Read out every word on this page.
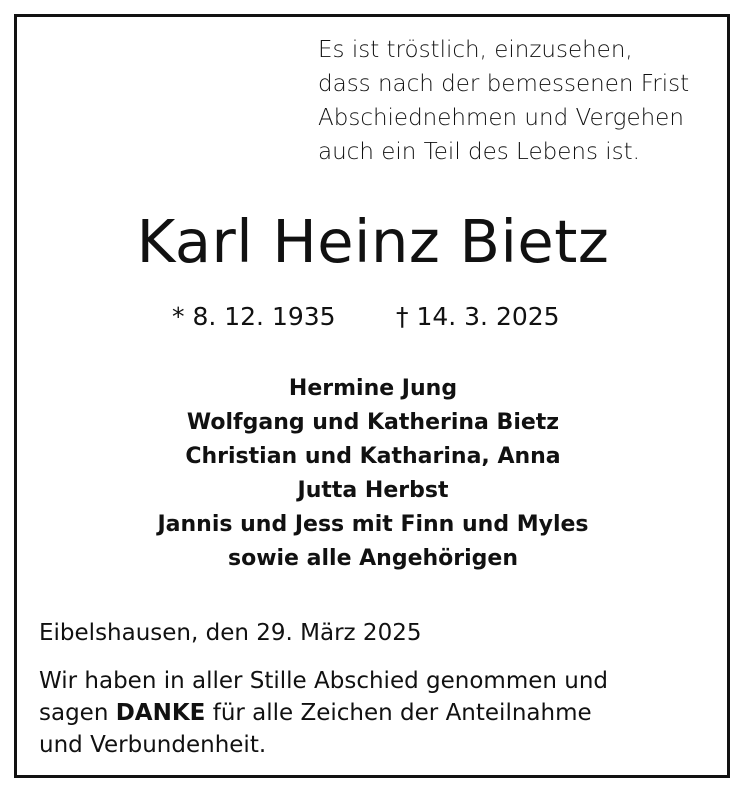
Es ist tröstlich, einzusehen,
dass nach der bemessenen Frist
Abschiednehmen und Vergehen
auch ein Teil des Lebens ist.
Karl Heinz Bietz
* 8. 12. 1935 † 14. 3. 2025
Hermine Jung
Wolfgang und Katherina Bietz
Christian und Katharina, Anna
Jutta Herbst
Jannis und Jess mit Finn und Myles
sowie alle Angehörigen
Eibelshausen, den 29. März 2025
Wir haben in aller Stille Abschied genommen und
sagen DANKE für alle Zeichen der Anteilnahme
und Verbundenheit.
